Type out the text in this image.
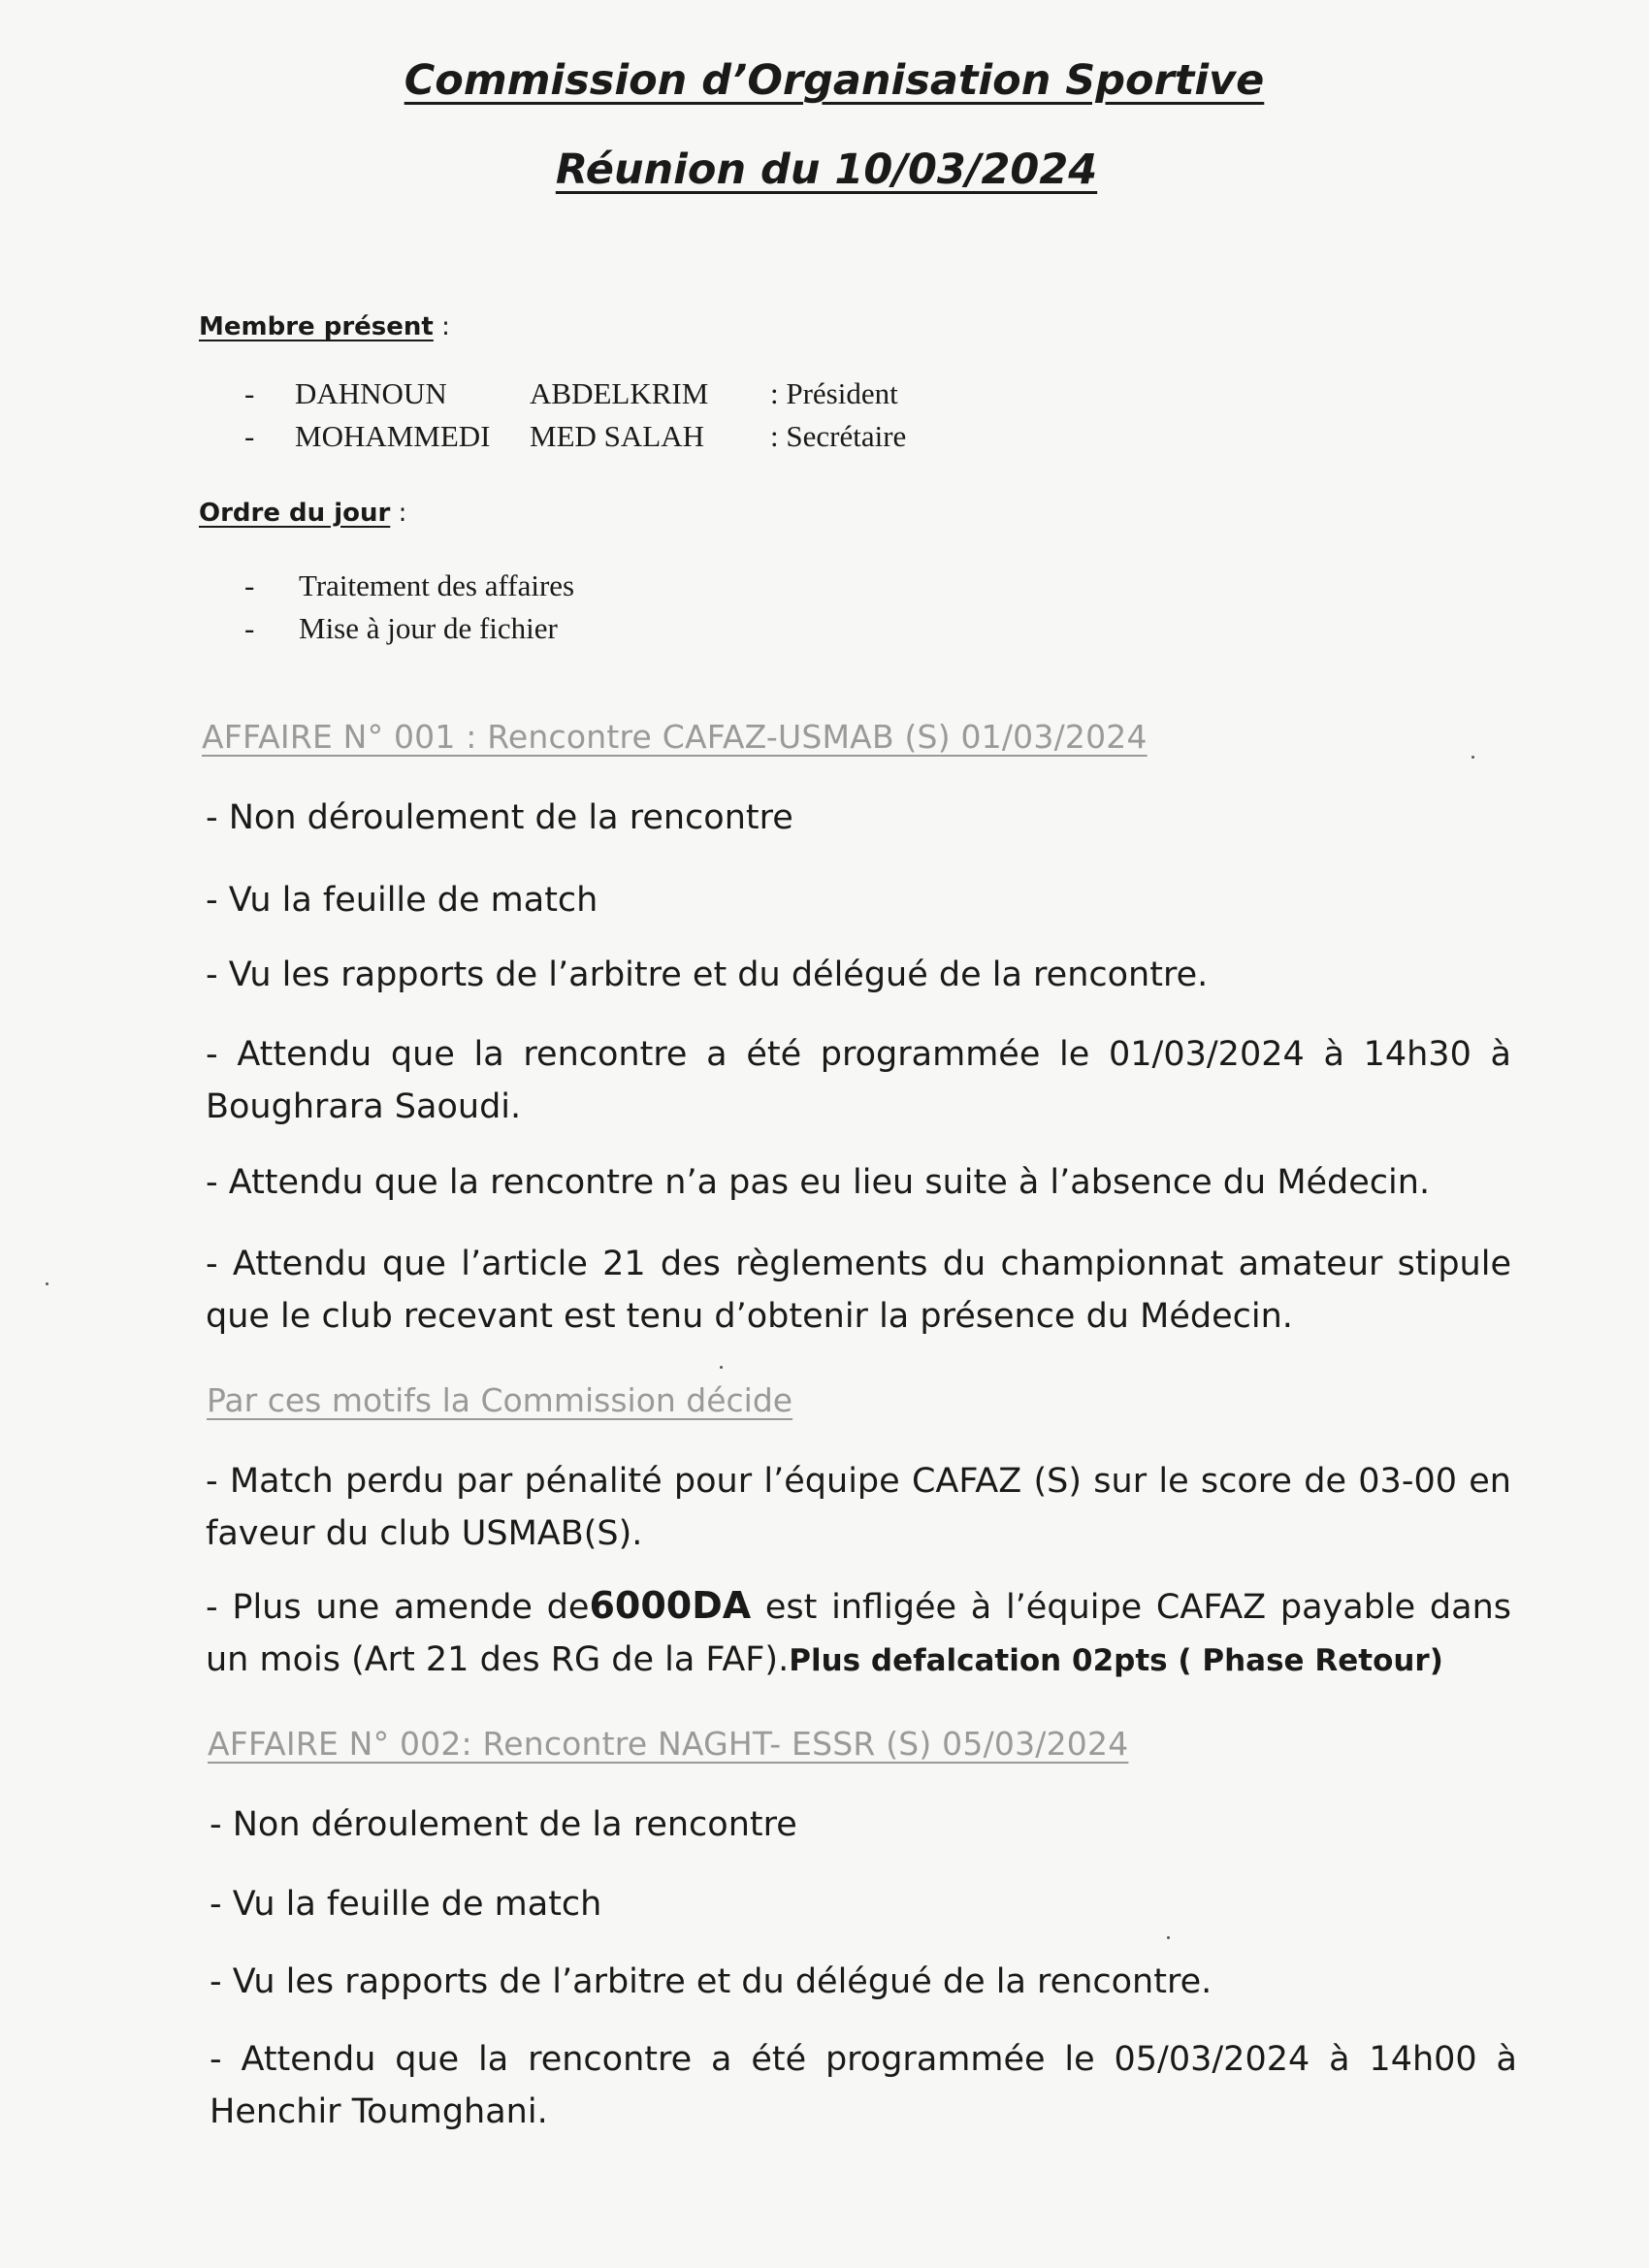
Commission d’Organisation Sportive
Réunion du 10/03/2024
Membre présent :
- DAHNOUN	ABDELKRIM : Président
- MOHAMMEDI MED SALAH : Secrétaire
Ordre du jour :
- Traitement des affaires
- Mise à jour de fichier
AFFAIRE N° 001 : Rencontre CAFAZ-USMAB (S) 01/03/2024
- Non déroulement de la rencontre
- Vu la feuille de match
- Vu les rapports de l’arbitre et du délégué de la rencontre.
- Attendu que la rencontre a été programmée le 01/03/2024 à 14h30 à Boughrara Saoudi.
- Attendu que la rencontre n’a pas eu lieu suite à l’absence du Médecin.
- Attendu que l’article 21 des règlements du championnat amateur stipule que le club recevant est tenu d’obtenir la présence du Médecin.
Par ces motifs la Commission décide
- Match perdu par pénalité pour l’équipe CAFAZ (S) sur le score de 03-00 en faveur du club USMAB(S).
- Plus une amende de6000DA est infligée à l’équipe CAFAZ payable dans un mois (Art 21 des RG de la FAF).Plus defalcation 02pts ( Phase Retour)
AFFAIRE N° 002: Rencontre NAGHT- ESSR (S) 05/03/2024
- Non déroulement de la rencontre
- Vu la feuille de match
- Vu les rapports de l’arbitre et du délégué de la rencontre.
- Attendu que la rencontre a été programmée le 05/03/2024 à 14h00 à Henchir Toumghani.
